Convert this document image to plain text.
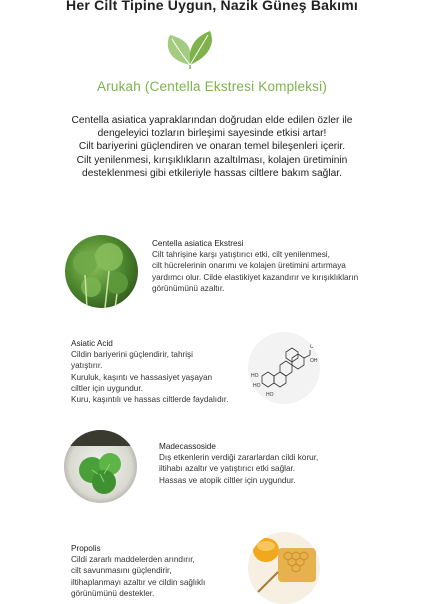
Her Cilt Tipine Uygun, Nazik Güneş Bakımı
Arukah (Centella Ekstresi Kompleksi)
Centella asiatica yapraklarından doğrudan elde edilen özler ile
dengeleyici tozların birleşimi sayesinde etkisi artar!
Cilt bariyerini güçlendiren ve onaran temel bileşenleri içerir.
Cilt yenilenmesi, kırışıklıkların azaltılması, kolajen üretiminin
desteklenmesi gibi etkileriyle hassas ciltlere bakım sağlar.
Centella asiatica Ekstresi
Cilt tahrişine karşı yatıştırıcı etki, cilt yenilenmesi,
cilt hücrelerinin onarımı ve kolajen üretimini artırmaya
yardımcı olur. Cilde elastikiyet kazandırır ve kırışıklıkların
görünümünü azaltır.
Asiatic Acid
Cildin bariyerini güçlendirir, tahrişi
yatıştırır.
Kuruluk, kaşıntı ve hassasiyet yaşayan
ciltler için uygundur.
Kuru, kaşıntılı ve hassas ciltlerde faydalıdır.
HO
HO
HO
OH
O
Madecassoside
Dış etkenlerin verdiği zararlardan cildi korur,
iltihabı azaltır ve yatıştırıcı etki sağlar.
Hassas ve atopik ciltler için uygundur.
Propolis
Cildi zararlı maddelerden arındırır,
cilt savunmasını güçlendirir,
iltihaplanmayı azaltır ve cildin sağlıklı
görünümünü destekler.
